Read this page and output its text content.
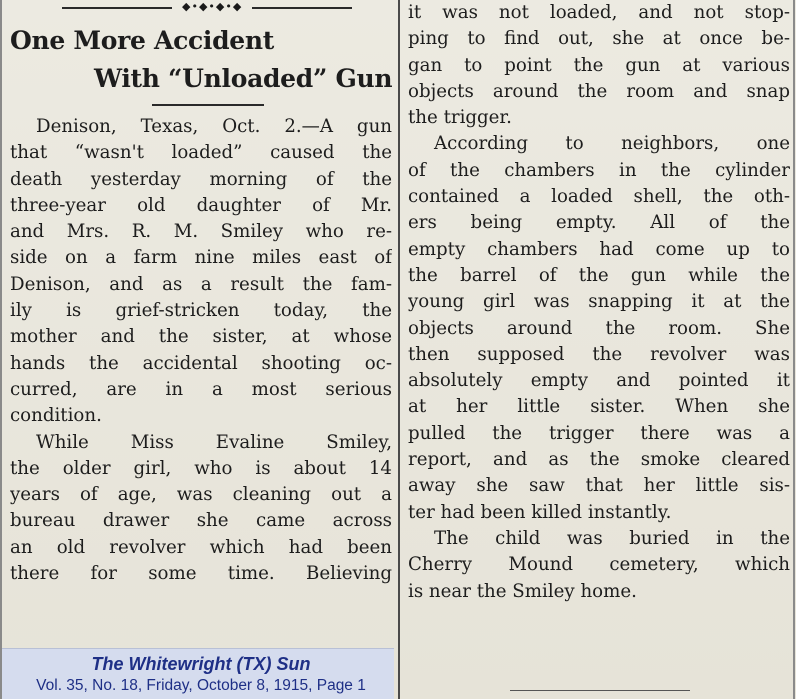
◆•◆•◆•◆
One More Accident
With “Unloaded” Gun
Denison, Texas, Oct. 2.—A gun
that “wasn't loaded” caused the
death yesterday morning of the
three-year old daughter of Mr.
and Mrs. R. M. Smiley who re-
side on a farm nine miles east of
Denison, and as a result the fam-
ily is grief-stricken today, the
mother and the sister, at whose
hands the accidental shooting oc-
curred, are in a most serious
condition.
While Miss Evaline Smiley,
the older girl, who is about 14
years of age, was cleaning out a
bureau drawer she came across
an old revolver which had been
there for some time. Believing
The Whitewright (TX) Sun
Vol. 35, No. 18, Friday, October 8, 1915, Page 1
it was not loaded, and not stop-
ping to find out, she at once be-
gan to point the gun at various
objects around the room and snap
the trigger.
According to neighbors, one
of the chambers in the cylinder
contained a loaded shell, the oth-
ers being empty. All of the
empty chambers had come up to
the barrel of the gun while the
young girl was snapping it at the
objects around the room. She
then supposed the revolver was
absolutely empty and pointed it
at her little sister. When she
pulled the trigger there was a
report, and as the smoke cleared
away she saw that her little sis-
ter had been killed instantly.
The child was buried in the
Cherry Mound cemetery, which
is near the Smiley home.
